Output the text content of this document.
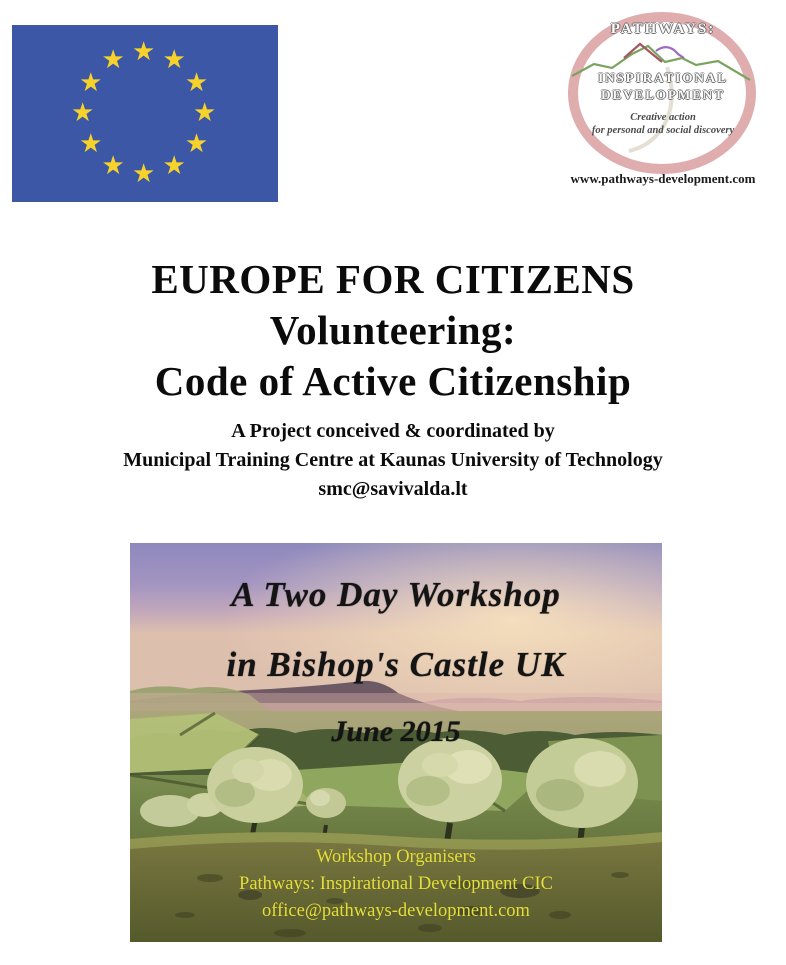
★ ★
★
★
★
★
★
★
★
★
★
★
PATHWAYS:
INSPIRATIONAL
DEVELOPMENT
Creative action
for personal and social discovery
www.pathways-development.com
EUROPE FOR CITIZENS
Volunteering:
Code of Active Citizenship
A Project conceived & coordinated by
Municipal Training Centre at Kaunas University of Technology
smc@savivalda.lt
A Two Day Workshop
in Bishop's Castle UK
June 2015
Workshop Organisers
Pathways: Inspirational Development CIC
office@pathways-development.com
